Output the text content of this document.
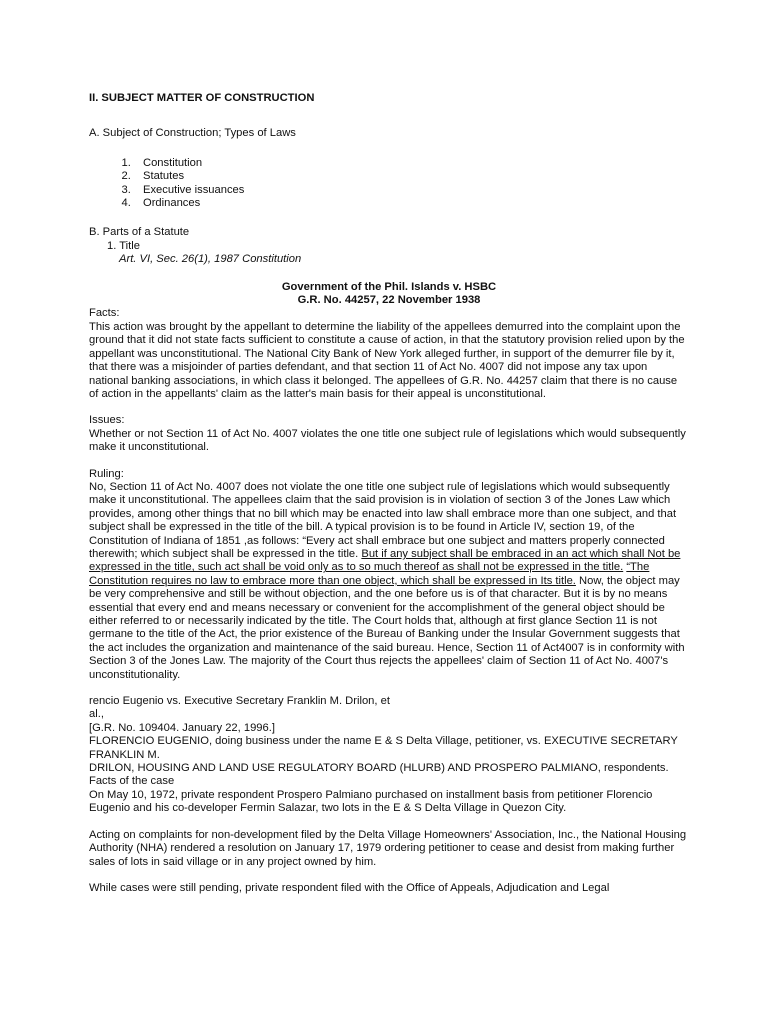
II. SUBJECT MATTER OF CONSTRUCTION

A. Subject of Construction; Types of Laws

1. Constitution
2. Statutes
3. Executive issuances
4. Ordinances

B. Parts of a Statute

1. Title

Art. VI, Sec. 26(1), 1987 Constitution

Government of the Phil. Islands v. HSBC

G.R. No. 44257, 22 November 1938

Facts:

This action was brought by the appellant to determine the liability of the appellees demurred into the complaint upon the ground that it did not state facts sufficient to constitute a cause of action, in that the statutory provision relied upon by the appellant was unconstitutional. The National City Bank of New York alleged further, in support of the demurrer file by it, that there was a misjoinder of parties defendant, and that section 11 of Act No. 4007 did not impose any tax upon national banking associations, in which class it belonged. The appellees of G.R. No. 44257 claim that there is no cause of action in the appellants' claim as the latter's main basis for their appeal is unconstitutional.

Issues:

Whether or not Section 11 of Act No. 4007 violates the one title one subject rule of legislations which would subsequently make it unconstitutional.

Ruling:

No, Section 11 of Act No. 4007 does not violate the one title one subject rule of legislations which would subsequently make it unconstitutional. The appellees claim that the said provision is in violation of section 3 of the Jones Law which provides, among other things that no bill which may be enacted into law shall embrace more than one subject, and that subject shall be expressed in the title of the bill. A typical provision is to be found in Article IV, section 19, of the Constitution of Indiana of 1851 ,as follows: “Every act shall embrace but one subject and matters properly connected therewith; which subject shall be expressed in the title. But if any subject shall be embraced in an act which shall Not be expressed in the title, such act shall be void only as to so much thereof as shall not be expressed in the title. “The Constitution requires no law to embrace more than one object, which shall be expressed in Its title. Now, the object may be very comprehensive and still be without objection, and the one before us is of that character. But it is by no means essential that every end and means necessary or convenient for the accomplishment of the general object should be either referred to or necessarily indicated by the title. The Court holds that, although at first glance Section 11 is not germane to the title of the Act, the prior existence of the Bureau of Banking under the Insular Government suggests that the act includes the organization and maintenance of the said bureau. Hence, Section 11 of Act4007 is in conformity with Section 3 of the Jones Law. The majority of the Court thus rejects the appellees' claim of Section 11 of Act No. 4007's unconstitutionality.

rencio Eugenio vs. Executive Secretary Franklin M. Drilon, et

al.,

[G.R. No. 109404. January 22, 1996.]

FLORENCIO EUGENIO, doing business under the name E & S Delta Village, petitioner, vs. EXECUTIVE SECRETARY FRANKLIN M.

DRILON, HOUSING AND LAND USE REGULATORY BOARD (HLURB) AND PROSPERO PALMIANO, respondents.

Facts of the case

On May 10, 1972, private respondent Prospero Palmiano purchased on installment basis from petitioner Florencio Eugenio and his co-developer Fermin Salazar, two lots in the E & S Delta Village in Quezon City.

Acting on complaints for non-development filed by the Delta Village Homeowners' Association, Inc., the National Housing Authority (NHA) rendered a resolution on January 17, 1979 ordering petitioner to cease and desist from making further sales of lots in said village or in any project owned by him.

While cases were still pending, private respondent filed with the Office of Appeals, Adjudication and Legal
